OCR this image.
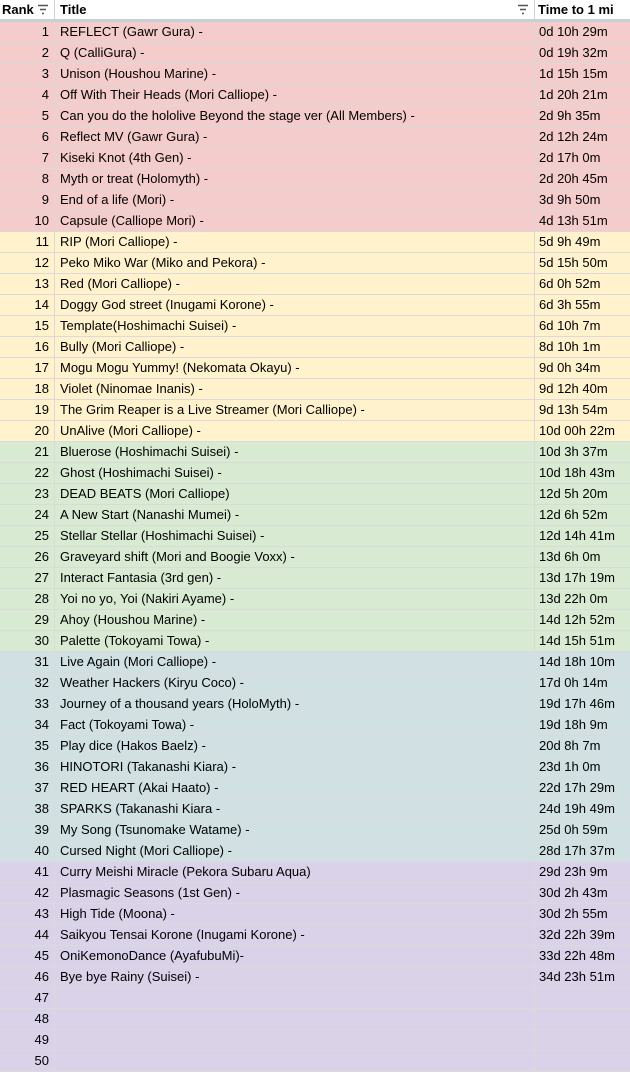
Rank	Title	Time to 1 mi
1 REFLECT (Gawr Gura) -	0d 10h 29m
2 Q (CalliGura) -	0d 19h 32m
3 Unison (Houshou Marine) -	1d 15h 15m
4 Off With Their Heads (Mori Calliope) -	1d 20h 21m
5 Can you do the hololive Beyond the stage ver (All Members) -	2d 9h 35m
6 Reflect MV (Gawr Gura) -	2d 12h 24m
7 Kiseki Knot (4th Gen) -	2d 17h 0m
8 Myth or treat (Holomyth) -	2d 20h 45m
9 End of a life (Mori) -	3d 9h 50m
10 Capsule (Calliope Mori) -	4d 13h 51m
11 RIP (Mori Calliope) -	5d 9h 49m
12 Peko Miko War (Miko and Pekora) -	5d 15h 50m
13 Red (Mori Calliope) -	6d 0h 52m
14 Doggy God street (Inugami Korone) -	6d 3h 55m
15 Template(Hoshimachi Suisei) -	6d 10h 7m
16 Bully (Mori Calliope) -	8d 10h 1m
17 Mogu Mogu Yummy! (Nekomata Okayu) -	9d 0h 34m
18 Violet (Ninomae Inanis) -	9d 12h 40m
19 The Grim Reaper is a Live Streamer (Mori Calliope) -	9d 13h 54m
20 UnAlive (Mori Calliope) -	10d 00h 22m
21 Bluerose (Hoshimachi Suisei) -	10d 3h 37m
22 Ghost (Hoshimachi Suisei) -	10d 18h 43m
23 DEAD BEATS (Mori Calliope)	12d 5h 20m
24 A New Start (Nanashi Mumei) -	12d 6h 52m
25 Stellar Stellar (Hoshimachi Suisei) -	12d 14h 41m
26 Graveyard shift (Mori and Boogie Voxx) -	13d 6h 0m
27 Interact Fantasia (3rd gen) -	13d 17h 19m
28 Yoi no yo, Yoi (Nakiri Ayame) -	13d 22h 0m
29 Ahoy (Houshou Marine) -	14d 12h 52m
30 Palette (Tokoyami Towa) -	14d 15h 51m
31 Live Again (Mori Calliope) -	14d 18h 10m
32 Weather Hackers (Kiryu Coco) -	17d 0h 14m
33 Journey of a thousand years (HoloMyth) -	19d 17h 46m
34 Fact (Tokoyami Towa) -	19d 18h 9m
35 Play dice (Hakos Baelz) -	20d 8h 7m
36 HINOTORI (Takanashi Kiara) -	23d 1h 0m
37 RED HEART (Akai Haato) -	22d 17h 29m
38 SPARKS (Takanashi Kiara -	24d 19h 49m
39 My Song (Tsunomake Watame) -	25d 0h 59m
40 Cursed Night (Mori Calliope) -	28d 17h 37m
41 Curry Meishi Miracle (Pekora Subaru Aqua)	29d 23h 9m
42 Plasmagic Seasons (1st Gen) -	30d 2h 43m
43 High Tide (Moona) -	30d 2h 55m
44 Saikyou Tensai Korone (Inugami Korone) -	32d 22h 39m
45 OniKemonoDance (AyafubuMi)-	33d 22h 48m
46 Bye bye Rainy (Suisei) -	34d 23h 51m
47
48
49
50
